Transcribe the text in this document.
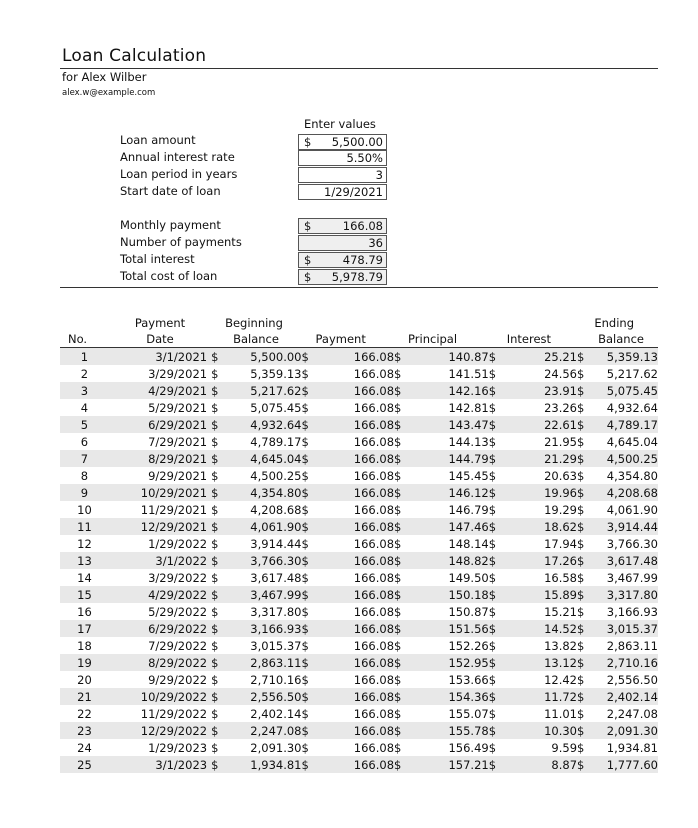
Loan Calculation
for Alex Wilber
alex.w@example.com
Enter values
Loan amount	$ 5,500.00
Annual interest rate	5.50%
Loan period in years	3
Start date of loan	1/29/2021
Monthly payment	$	166.08
Number of payments	36
Total interest	$	478.79
Total cost of loan	$ 5,978.79
	Payment	Beginning								Ending	
No.	Date	Balance		Payment		Principal		Interest		Balance	
1	3/1/2021	$	5,500.00	$	166.08	$	140.87	$	25.21	$	5,359.13
2	3/29/2021	$	5,359.13	$	166.08	$	141.51	$	24.56	$	5,217.62
3	4/29/2021	$	5,217.62	$	166.08	$	142.16	$	23.91	$	5,075.45
4	5/29/2021	$	5,075.45	$	166.08	$	142.81	$	23.26	$	4,932.64
5	6/29/2021	$	4,932.64	$	166.08	$	143.47	$	22.61	$	4,789.17
6	7/29/2021	$	4,789.17	$	166.08	$	144.13	$	21.95	$	4,645.04
7	8/29/2021	$	4,645.04	$	166.08	$	144.79	$	21.29	$	4,500.25
8	9/29/2021	$	4,500.25	$	166.08	$	145.45	$	20.63	$	4,354.80
9	10/29/2021	$	4,354.80	$	166.08	$	146.12	$	19.96	$	4,208.68
10	11/29/2021	$	4,208.68	$	166.08	$	146.79	$	19.29	$	4,061.90
11	12/29/2021	$	4,061.90	$	166.08	$	147.46	$	18.62	$	3,914.44
12	1/29/2022	$	3,914.44	$	166.08	$	148.14	$	17.94	$	3,766.30
13	3/1/2022	$	3,766.30	$	166.08	$	148.82	$	17.26	$	3,617.48
14	3/29/2022	$	3,617.48	$	166.08	$	149.50	$	16.58	$	3,467.99
15	4/29/2022	$	3,467.99	$	166.08	$	150.18	$	15.89	$	3,317.80
16	5/29/2022	$	3,317.80	$	166.08	$	150.87	$	15.21	$	3,166.93
17	6/29/2022	$	3,166.93	$	166.08	$	151.56	$	14.52	$	3,015.37
18	7/29/2022	$	3,015.37	$	166.08	$	152.26	$	13.82	$	2,863.11
19	8/29/2022	$	2,863.11	$	166.08	$	152.95	$	13.12	$	2,710.16
20	9/29/2022	$	2,710.16	$	166.08	$	153.66	$	12.42	$	2,556.50
21	10/29/2022	$	2,556.50	$	166.08	$	154.36	$	11.72	$	2,402.14
22	11/29/2022	$	2,402.14	$	166.08	$	155.07	$	11.01	$	2,247.08
23	12/29/2022	$	2,247.08	$	166.08	$	155.78	$	10.30	$	2,091.30
24	1/29/2023	$	2,091.30	$	166.08	$	156.49	$	9.59	$	1,934.81
25	3/1/2023	$	1,934.81	$	166.08	$	157.21	$	8.87	$	1,777.60
